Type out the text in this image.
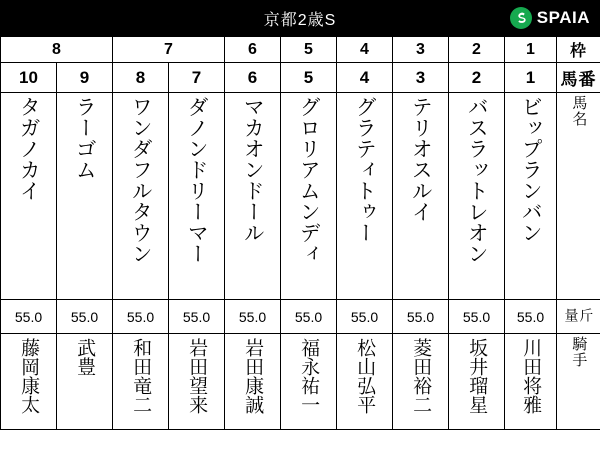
京都2歳S	SPAIA
8		7		6	5	4	3	2	1	枠
10	9	8	7	6	5	4	3	2	1	馬番
タガノカイ	ラーゴム	ワンダフルタウン	ダノンドリーマー	マカオンドール	グロリアムンディ	グラティトゥー	テリオスルイ	バスラットレオン	ビップランバン	馬名
55.0	55.0	55.0	55.0	55.0	55.0	55.0	55.0	55.0	55.0	斤量
藤岡康太	武豊	和田竜二	岩田望来	岩田康誠	福永祐一	松山弘平	菱田裕二	坂井瑠星	川田将雅	騎手
